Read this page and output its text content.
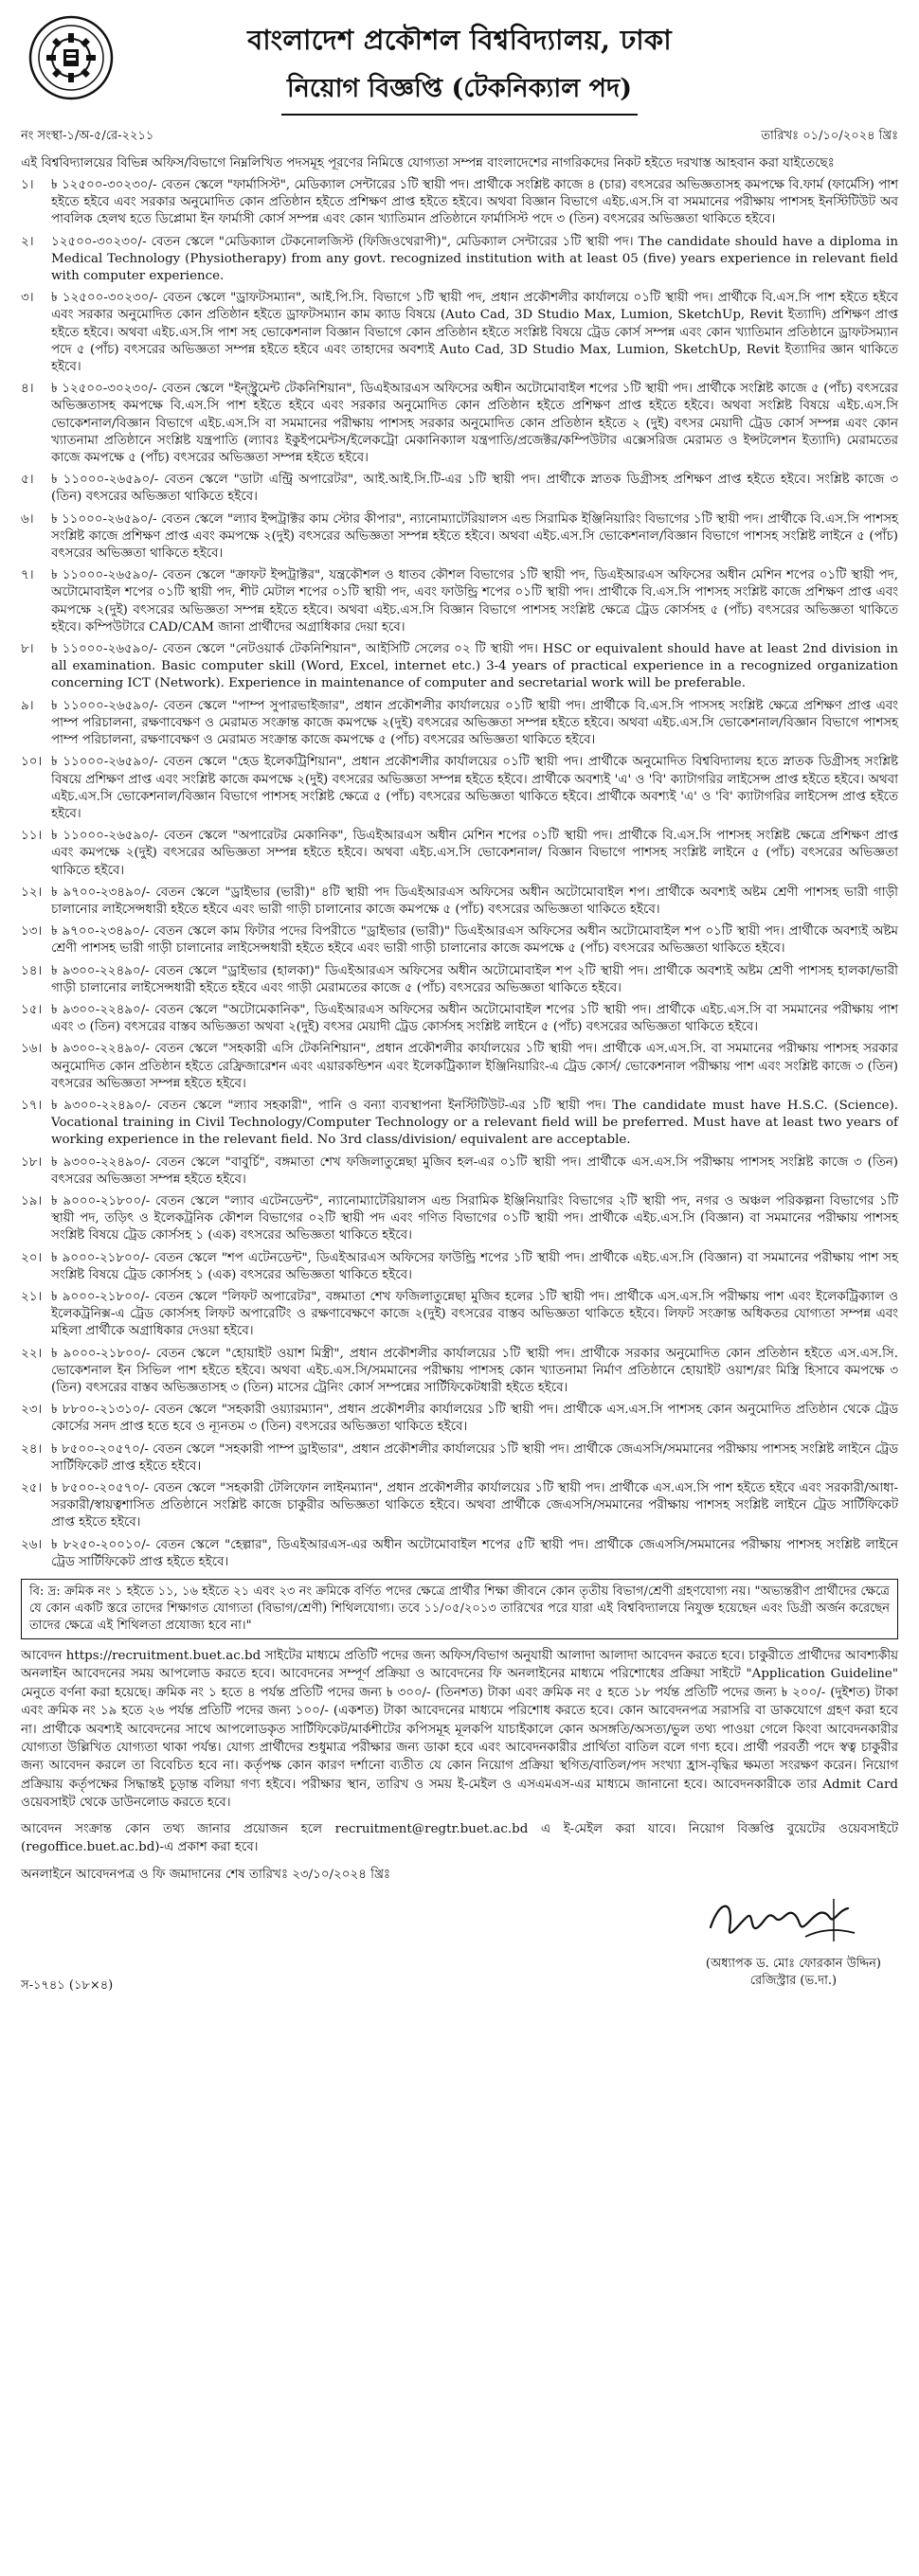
বাংলাদেশ প্রকৌশল বিশ্ববিদ্যালয়, ঢাকা
নিয়োগ বিজ্ঞপ্তি (টেকনিক্যাল পদ)
নং সংস্থা-১/অ-৫/রে-২২১১	তারিখঃ ০১/১০/২০২৪ খ্রিঃ
এই বিশ্ববিদ্যালয়ের বিভিন্ন অফিস/বিভাগে নিম্নলিখিত পদসমূহ পূরণের নিমিত্তে যোগ্যতা সম্পন্ন বাংলাদেশের নাগরিকদের নিকট হইতে দরখাস্ত আহবান করা যাইতেছেঃ
১।	৳ ১২৫০০-৩০২৩০/- বেতন স্কেলে "ফার্মাসিস্ট", মেডিক্যাল সেন্টারের ১টি স্থায়ী পদ। প্রার্থীকে সংশ্লিষ্ট কাজে ৪ (চার) বৎসরের অভিজ্ঞতাসহ কমপক্ষে বি.ফার্ম (ফার্মেসি) পাশ হইতে হইবে এবং সরকার অনুমোদিত কোন প্রতিষ্ঠান হইতে প্রশিক্ষণ প্রাপ্ত হইতে হইবে। অথবা বিজ্ঞান বিভাগে এইচ.এস.সি বা সমমানের পরীক্ষায় পাশসহ ইনস্টিটিউট অব পাবলিক হেলথ হতে ডিপ্লোমা ইন ফার্মাসী কোর্স সম্পন্ন এবং কোন খ্যাতিমান প্রতিষ্ঠানে ফার্মাসিস্ট পদে ৩ (তিন) বৎসরের অভিজ্ঞতা থাকিতে হইবে।
২।	১২৫০০-৩০২৩০/- বেতন স্কেলে "মেডিক্যাল টেকনোলজিস্ট (ফিজিওথেরাপী)", মেডিক্যাল সেন্টারের ১টি স্থায়ী পদ। The candidate should have a diploma in Medical Technology (Physiotherapy) from any govt. recognized institution with at least 05 (five) years experience in relevant field with computer experience.
৩।	৳ ১২৫০০-৩০২৩০/- বেতন স্কেলে "ড্রাফটসম্যান", আই.পি.সি. বিভাগে ১টি স্থায়ী পদ, প্রধান প্রকৌশলীর কার্যালয়ে ০১টি স্থায়ী পদ। প্রার্থীকে বি.এস.সি পাশ হইতে হইবে এবং সরকার অনুমোদিত কোন প্রতিষ্ঠান হইতে ড্রাফটসম্যান কাম ক্যাড বিষয়ে (Auto Cad, 3D Studio Max, Lumion, SketchUp, Revit ইত্যাদি) প্রশিক্ষণ প্রাপ্ত হইতে হইবে। অথবা এইচ.এস.সি পাশ সহ ভোকেশনাল বিজ্ঞান বিভাগে কোন প্রতিষ্ঠান হইতে সংশ্লিষ্ট বিষয়ে ট্রেড কোর্স সম্পন্ন এবং কোন খ্যাতিমান প্রতিষ্ঠানে ড্রাফটসম্যান পদে ৫ (পাঁচ) বৎসরের অভিজ্ঞতা সম্পন্ন হইতে হইবে এবং তাহাদের অবশ্যই Auto Cad, 3D Studio Max, Lumion, SketchUp, Revit ইত্যাদির জ্ঞান থাকিতে হইবে।
৪।	৳ ১২৫০০-৩০২৩০/- বেতন স্কেলে "ইন্স্ট্রুমেন্ট টেকনিশিয়ান", ডিএইআরএস অফিসের অধীন অটোমোবাইল শপের ১টি স্থায়ী পদ। প্রার্থীকে সংশ্লিষ্ট কাজে ৫ (পাঁচ) বৎসরের অভিজ্ঞতাসহ কমপক্ষে বি.এস.সি পাশ হইতে হইবে এবং সরকার অনুমোদিত কোন প্রতিষ্ঠান হইতে প্রশিক্ষণ প্রাপ্ত হইতে হইবে। অথবা সংশ্লিষ্ট বিষয়ে এইচ.এস.সি ভোকেশনাল/বিজ্ঞান বিভাগে এইচ.এস.সি বা সমমানের পরীক্ষায় পাশসহ সরকার অনুমোদিত কোন প্রতিষ্ঠান হইতে ২ (দুই) বৎসর মেয়াদী ট্রেড কোর্স সম্পন্ন এবং কোন খ্যাতনামা প্রতিষ্ঠানে সংশ্লিষ্ট যন্ত্রপাতি (ল্যাবঃ ইকুইপমেন্টস/ইলেকট্রো মেকানিক্যাল যন্ত্রপাতি/প্রজেক্টর/কম্পিউটার এক্সেসরিজ মেরামত ও ইন্সটলেশন ইত্যাদি) মেরামতের কাজে কমপক্ষে ৫ (পাঁচ) বৎসরের অভিজ্ঞতা সম্পন্ন হইতে হইবে।
৫।	৳ ১১০০০-২৬৫৯০/- বেতন স্কেলে "ডাটা এন্ট্রি অপারেটর", আই.আই.সি.টি-এর ১টি স্থায়ী পদ। প্রার্থীকে স্নাতক ডিগ্রীসহ প্রশিক্ষণ প্রাপ্ত হইতে হইবে। সংশ্লিষ্ট কাজে ৩ (তিন) বৎসরের অভিজ্ঞতা থাকিতে হইবে।
৬।	৳ ১১০০০-২৬৫৯০/- বেতন স্কেলে "ল্যাব ইন্সট্রাক্টর কাম স্টোর কীপার", ন্যানোম্যাটেরিয়ালস এন্ড সিরামিক ইঞ্জিনিয়ারিং বিভাগের ১টি স্থায়ী পদ। প্রার্থীকে বি.এস.সি পাশসহ সংশ্লিষ্ট কাজে প্রশিক্ষণ প্রাপ্ত এবং কমপক্ষে ২(দুই) বৎসরের অভিজ্ঞতা সম্পন্ন হইতে হইবে। অথবা এইচ.এস.সি ভোকেশনাল/বিজ্ঞান বিভাগে পাশসহ সংশ্লিষ্ট লাইনে ৫ (পাঁচ) বৎসরের অভিজ্ঞতা থাকিতে হইবে।
৭।	৳ ১১০০০-২৬৫৯০/- বেতন স্কেলে "ক্রাফট ইন্সট্রাক্টর", যন্ত্রকৌশল ও ধাতব কৌশল বিভাগের ১টি স্থায়ী পদ, ডিএইআরএস অফিসের অধীন মেশিন শপের ০১টি স্থায়ী পদ, অটোমোবাইল শপের ০১টি স্থায়ী পদ, শীট মেটাল শপের ০১টি স্থায়ী পদ, এবং ফাউন্ড্রি শপের ০১টি স্থায়ী পদ। প্রার্থীকে বি.এস.সি পাশসহ সংশ্লিষ্ট কাজে প্রশিক্ষণ প্রাপ্ত এবং কমপক্ষে ২(দুই) বৎসরের অভিজ্ঞতা সম্পন্ন হইতে হইবে। অথবা এইচ.এস.সি বিজ্ঞান বিভাগে পাশসহ সংশ্লিষ্ট ক্ষেত্রে ট্রেড কোর্সসহ ৫ (পাঁচ) বৎসরের অভিজ্ঞতা থাকিতে হইবে। কম্পিউটারে CAD/CAM জানা প্রার্থীদের অগ্রাধিকার দেয়া হবে।
৮।	৳ ১১০০০-২৬৫৯০/- বেতন স্কেলে "নেটওয়ার্ক টেকনিশিয়ান", আইসিটি সেলের ০২ টি স্থায়ী পদ। HSC or equivalent should have at least 2nd division in all examination. Basic computer skill (Word, Excel, internet etc.) 3-4 years of practical experience in a recognized organization concerning ICT (Network). Experience in maintenance of computer and secretarial work will be preferable.
৯।	৳ ১১০০০-২৬৫৯০/- বেতন স্কেলে "পাম্প সুপারভাইজার", প্রধান প্রকৌশলীর কার্যালয়ের ০১টি স্থায়ী পদ। প্রার্থীকে বি.এস.সি পাসসহ সংশ্লিষ্ট ক্ষেত্রে প্রশিক্ষণ প্রাপ্ত এবং পাম্প পরিচালনা, রক্ষণাবেক্ষণ ও মেরামত সংক্রান্ত কাজে কমপক্ষে ২(দুই) বৎসরের অভিজ্ঞতা সম্পন্ন হইতে হইবে। অথবা এইচ.এস.সি ভোকেশনাল/বিজ্ঞান বিভাগে পাশসহ পাম্প পরিচালনা, রক্ষণাবেক্ষণ ও মেরামত সংক্রান্ত কাজে কমপক্ষে ৫ (পাঁচ) বৎসরের অভিজ্ঞতা থাকিতে হইবে।
১০। ৳ ১১০০০-২৬৫৯০/- বেতন স্কেলে "হেড ইলেকট্রিশিয়ান", প্রধান প্রকৌশলীর কার্যালয়ের ০১টি স্থায়ী পদ। প্রার্থীকে অনুমোদিত বিশ্ববিদ্যালয় হতে স্নাতক ডিগ্রীসহ সংশ্লিষ্ট বিষয়ে প্রশিক্ষণ প্রাপ্ত এবং সংশ্লিষ্ট কাজে কমপক্ষে ২(দুই) বৎসরের অভিজ্ঞতা সম্পন্ন হইতে হইবে। প্রার্থীকে অবশ্যই 'এ' ও 'বি' ক্যাটাগরির লাইসেন্স প্রাপ্ত হইতে হইবে। অথবা এইচ.এস.সি ভোকেশনাল/বিজ্ঞান বিভাগে পাশসহ সংশ্লিষ্ট ক্ষেত্রে ৫ (পাঁচ) বৎসরের অভিজ্ঞতা থাকিতে হইবে। প্রার্থীকে অবশ্যই 'এ' ও 'বি' ক্যাটাগরির লাইসেন্স প্রাপ্ত হইতে হইবে।
১১। ৳ ১১০০০-২৬৫৯০/- বেতন স্কেলে "অপারেটর মেকানিক", ডিএইআরএস অধীন মেশিন শপের ০১টি স্থায়ী পদ। প্রার্থীকে বি.এস.সি পাশসহ সংশ্লিষ্ট ক্ষেত্রে প্রশিক্ষণ প্রাপ্ত এবং কমপক্ষে ২(দুই) বৎসরের অভিজ্ঞতা সম্পন্ন হইতে হইবে। অথবা এইচ.এস.সি ভোকেশনাল/ বিজ্ঞান বিভাগে পাশসহ সংশ্লিষ্ট লাইনে ৫ (পাঁচ) বৎসরের অভিজ্ঞতা থাকিতে হইবে।
১২। ৳ ৯৭০০-২৩৪৯০/- বেতন স্কেলে "ড্রাইভার (ভারী)" ৪টি স্থায়ী পদ ডিএইআরএস অফিসের অধীন অটোমোবাইল শপ। প্রার্থীকে অবশ্যই অষ্টম শ্রেণী পাশসহ ভারী গাড়ী চালানোর লাইসেন্সধারী হইতে হইবে এবং ভারী গাড়ী চালানোর কাজে কমপক্ষে ৫ (পাঁচ) বৎসরের অভিজ্ঞতা থাকিতে হইবে।
১৩। ৳ ৯৭০০-২৩৪৯০/- বেতন স্কেলে কাম ফিটার পদের বিপরীতে "ড্রাইভার (ভারী)" ডিএইআরএস অফিসের অধীন অটোমোবাইল শপ ০১টি স্থায়ী পদ। প্রার্থীকে অবশ্যই অষ্টম শ্রেণী পাশসহ ভারী গাড়ী চালানোর লাইসেন্সধারী হইতে হইবে এবং ভারী গাড়ী চালানোর কাজে কমপক্ষে ৫ (পাঁচ) বৎসরের অভিজ্ঞতা থাকিতে হইবে।
১৪। ৳ ৯৩০০-২২৪৯০/- বেতন স্কেলে "ড্রাইভার (হালকা)" ডিএইআরএস অফিসের অধীন অটোমোবাইল শপ ২টি স্থায়ী পদ। প্রার্থীকে অবশ্যই অষ্টম শ্রেণী পাশসহ হালকা/ভারী গাড়ী চালানোর লাইসেন্সধারী হইতে হইবে এবং গাড়ী মেরামতের কাজে ৫ (পাঁচ) বৎসরের অভিজ্ঞতা থাকিতে হইবে।
১৫। ৳ ৯৩০০-২২৪৯০/- বেতন স্কেলে "অটোমেকানিক", ডিএইআরএস অফিসের অধীন অটোমোবাইল শপের ১টি স্থায়ী পদ। প্রার্থীকে এইচ.এস.সি বা সমমানের পরীক্ষায় পাশ এবং ৩ (তিন) বৎসরের বাস্তব অভিজ্ঞতা অথবা ২(দুই) বৎসর মেয়াদী ট্রেড কোর্সসহ সংশ্লিষ্ট লাইনে ৫ (পাঁচ) বৎসরের অভিজ্ঞতা থাকিতে হইবে।
১৬। ৳ ৯৩০০-২২৪৯০/- বেতন স্কেলে "সহকারী এসি টেকনিশিয়ান", প্রধান প্রকৌশলীর কার্যালয়ের ১টি স্থায়ী পদ। প্রার্থীকে এস.এস.সি. বা সমমানের পরীক্ষায় পাশসহ সরকার অনুমোদিত কোন প্রতিষ্ঠান হইতে রেফ্রিজারেশন এবং এয়ারকন্ডিশন এবং ইলেকট্রিক্যাল ইঞ্জিনিয়ারিং-এ ট্রেড কোর্স/ ভোকেশনাল পরীক্ষায় পাশ এবং সংশ্লিষ্ট কাজে ৩ (তিন) বৎসরের অভিজ্ঞতা সম্পন্ন হইতে হইবে।
১৭। ৳ ৯৩০০-২২৪৯০/- বেতন স্কেলে "ল্যাব সহকারী", পানি ও বন্যা ব্যবস্থাপনা ইনস্টিটিউট-এর ১টি স্থায়ী পদ। The candidate must have H.S.C. (Science). Vocational training in Civil Technology/Computer Technology or a relevant field will be preferred. Must have at least two years of working experience in the relevant field. No 3rd class/division/ equivalent are acceptable.
১৮। ৳ ৯৩০০-২২৪৯০/- বেতন স্কেলে "বাবুর্চি", বঙ্গমাতা শেখ ফজিলাতুন্নেছা মুজিব হল-এর ০১টি স্থায়ী পদ। প্রার্থীকে এস.এস.সি পরীক্ষায় পাশসহ সংশ্লিষ্ট কাজে ৩ (তিন) বৎসরের অভিজ্ঞতা সম্পন্ন হইতে হইবে।
১৯। ৳ ৯০০০-২১৮০০/- বেতন স্কেলে "ল্যাব এটেনডেন্ট", ন্যানোম্যাটেরিয়ালস এন্ড সিরামিক ইঞ্জিনিয়ারিং বিভাগের ২টি স্থায়ী পদ, নগর ও অঞ্চল পরিকল্পনা বিভাগের ১টি স্থায়ী পদ, তড়িৎ ও ইলেকট্রনিক কৌশল বিভাগের ০২টি স্থায়ী পদ এবং গণিত বিভাগের ০১টি স্থায়ী পদ। প্রার্থীকে এইচ.এস.সি (বিজ্ঞান) বা সমমানের পরীক্ষায় পাশসহ সংশ্লিষ্ট বিষয়ে ট্রেড কোর্সসহ ১ (এক) বৎসরের অভিজ্ঞতা থাকিতে হইবে।
২০। ৳ ৯০০০-২১৮০০/- বেতন স্কেলে "শপ এটেনডেন্ট", ডিএইআরএস অফিসের ফাউন্ড্রি শপের ১টি স্থায়ী পদ। প্রার্থীকে এইচ.এস.সি (বিজ্ঞান) বা সমমানের পরীক্ষায় পাশ সহ সংশ্লিষ্ট বিষয়ে ট্রেড কোর্সসহ ১ (এক) বৎসরের অভিজ্ঞতা থাকিতে হইবে।
২১। ৳ ৯০০০-২১৮০০/- বেতন স্কেলে "লিফট অপারেটর", বঙ্গমাতা শেখ ফজিলাতুন্নেছা মুজিব হলের ১টি স্থায়ী পদ। প্রার্থীকে এস.এস.সি পরীক্ষায় পাশ এবং ইলেকট্রিক্যাল ও ইলেকট্রনিক্স-এ ট্রেড কোর্সসহ লিফট অপারেটিং ও রক্ষণাবেক্ষণে কাজে ২(দুই) বৎসরের বাস্তব অভিজ্ঞতা থাকিতে হইবে। লিফট সংক্রান্ত অধিকতর যোগ্যতা সম্পন্ন এবং মহিলা প্রার্থীকে অগ্রাধিকার দেওয়া হইবে।
২২। ৳ ৯০০০-২১৮০০/- বেতন স্কেলে "হোয়াইট ওয়াশ মিস্ত্রী", প্রধান প্রকৌশলীর কার্যালয়ের ১টি স্থায়ী পদ। প্রার্থীকে সরকার অনুমোদিত কোন প্রতিষ্ঠান হইতে এস.এস.সি. ভোকেশনাল ইন সিভিল পাশ হইতে হইবে। অথবা এইচ.এস.সি/সমমানের পরীক্ষায় পাশসহ কোন খ্যাতনামা নির্মাণ প্রতিষ্ঠানে হোয়াইট ওয়াশ/রং মিস্ত্রি হিসাবে কমপক্ষে ৩ (তিন) বৎসরের বাস্তব অভিজ্ঞতাসহ ৩ (তিন) মাসের ট্রেনিং কোর্স সম্পন্নের সার্টিফিকেটধারী হইতে হইবে।
২৩। ৳ ৮৮০০-২১৩১০/- বেতন স্কেলে "সহকারী ওয়্যারম্যান", প্রধান প্রকৌশলীর কার্যালয়ের ১টি স্থায়ী পদ। প্রার্থীকে এস.এস.সি পাশসহ কোন অনুমোদিত প্রতিষ্ঠান থেকে ট্রেড কোর্সের সনদ প্রাপ্ত হতে হবে ও ন্যূনতম ৩ (তিন) বৎসরের অভিজ্ঞতা থাকিতে হইবে।
২৪। ৳ ৮৫০০-২০৫৭০/- বেতন স্কেলে "সহকারী পাম্প ড্রাইভার", প্রধান প্রকৌশলীর কার্যালয়ের ১টি স্থায়ী পদ। প্রার্থীকে জেএসসি/সমমানের পরীক্ষায় পাশসহ সংশ্লিষ্ট লাইনে ট্রেড সার্টিফিকেট প্রাপ্ত হইতে হইবে।
২৫। ৳ ৮৫০০-২০৫৭০/- বেতন স্কেলে "সহকারী টেলিফোন লাইনম্যান", প্রধান প্রকৌশলীর কার্যালয়ের ১টি স্থায়ী পদ। প্রার্থীকে এস.এস.সি পাশ হইতে হইবে এবং সরকারী/আধা-সরকারী/স্বায়ত্বশাসিত প্রতিষ্ঠানে সংশ্লিষ্ট কাজে চাকুরীর অভিজ্ঞতা থাকিতে হইবে। অথবা প্রার্থীকে জেএসসি/সমমানের পরীক্ষায় পাশসহ সংশ্লিষ্ট লাইনে ট্রেড সার্টিফিকেট প্রাপ্ত হইতে হইবে।
২৬। ৳ ৮২৫০-২০০১০/- বেতন স্কেলে "হেল্পার", ডিএইআরএস-এর অধীন অটোমোবাইল শপের ৫টি স্থায়ী পদ। প্রার্থীকে জেএসসি/সমমানের পরীক্ষায় পাশসহ সংশ্লিষ্ট লাইনে ট্রেড সার্টিফিকেট প্রাপ্ত হইতে হইবে।
বি: দ্র: ক্রমিক নং ১ হইতে ১১, ১৬ হইতে ২১ এবং ২৩ নং ক্রমিকে বর্ণিত পদের ক্ষেত্রে প্রার্থীর শিক্ষা জীবনে কোন তৃতীয় বিভাগ/শ্রেণী গ্রহণযোগ্য নয়। "অভ্যন্তরীণ প্রার্থীদের ক্ষেত্রে যে কোন একটি স্তরে তাদের শিক্ষাগত যোগ্যতা (বিভাগ/শ্রেণী) শিথিলযোগ্য। তবে ১১/০৫/২০১৩ তারিখের পরে যারা এই বিশ্ববিদ্যালয়ে নিযুক্ত হয়েছেন এবং ডিগ্রী অর্জন করেছেন তাদের ক্ষেত্রে এই শিথিলতা প্রযোজ্য হবে না।"
আবেদন https://recruitment.buet.ac.bd সাইটের মাধ্যমে প্রতিটি পদের জন্য অফিস/বিভাগ অনুযায়ী আলাদা আলাদা আবেদন করতে হবে। চাকুরীতে প্রার্থীদের আবশ্যকীয় অনলাইন আবেদনের সময় আপলোড করতে হবে। আবেদনের সম্পূর্ণ প্রক্রিয়া ও আবেদনের ফি অনলাইনের মাধ্যমে পরিশোধের প্রক্রিয়া সাইটে "Application Guideline" মেনুতে বর্ণনা করা হয়েছে। ক্রমিক নং ১ হতে ৪ পর্যন্ত প্রতিটি পদের জন্য ৳ ৩০০/- (তিনশত) টাকা এবং ক্রমিক নং ৫ হতে ১৮ পর্যন্ত প্রতিটি পদের জন্য ৳ ২০০/- (দুইশত) টাকা এবং ক্রমিক নং ১৯ হতে ২৬ পর্যন্ত প্রতিটি পদের জন্য ১০০/- (একশত) টাকা আবেদনের মাধ্যমে পরিশোধ করতে হবে। কোন আবেদনপত্র সরাসরি বা ডাকযোগে গ্রহণ করা হবে না। প্রার্থীকে অবশ্যই আবেদনের সাথে আপলোডকৃত সার্টিফিকেট/মার্কশীটের কপিসমূহ মূলকপি যাচাইকালে কোন অসঙ্গতি/অসত্য/ভুল তথ্য পাওয়া গেলে কিংবা আবেদনকারীর যোগ্যতা উল্লিখিত যোগ্যতা থাকা পর্যন্ত। যোগ্য প্রার্থীদের শুধুমাত্র পরীক্ষার জন্য ডাকা হবে এবং আবেদনকারীর প্রার্থিতা বাতিল বলে গণ্য হবে। প্রার্থী পরবর্তী পদে স্বত্ব চাকুরীর জন্য আবেদন করলে তা বিবেচিত হবে না। কর্তৃপক্ষ কোন কারণ দর্শানো ব্যতীত যে কোন নিয়োগ প্রক্রিয়া স্থগিত/বাতিল/পদ সংখ্যা হ্রাস-বৃদ্ধির ক্ষমতা সংরক্ষণ করেন। নিয়োগ প্রক্রিয়ায় কর্তৃপক্ষের সিদ্ধান্তই চূড়ান্ত বলিয়া গণ্য হইবে। পরীক্ষার স্থান, তারিখ ও সময় ই-মেইল ও এসএমএস-এর মাধ্যমে জানানো হবে। আবেদনকারীকে তার Admit Card ওয়েবসাইট থেকে ডাউনলোড করতে হবে।
আবেদন সংক্রান্ত কোন তথ্য জানার প্রয়োজন হলে recruitment@regtr.buet.ac.bd এ ই-মেইল করা যাবে। নিয়োগ বিজ্ঞপ্তি বুয়েটের ওয়েবসাইটে (regoffice.buet.ac.bd)-এ প্রকাশ করা হবে।
অনলাইনে আবেদনপত্র ও ফি জমাদানের শেষ তারিখঃ ২৩/১০/২০২৪ খ্রিঃ
(অধ্যাপক ড. মোঃ ফোরকান উদ্দিন)
রেজিস্ট্রার (ভ.দা.)
স-১৭৪১ (১৮×৪)
